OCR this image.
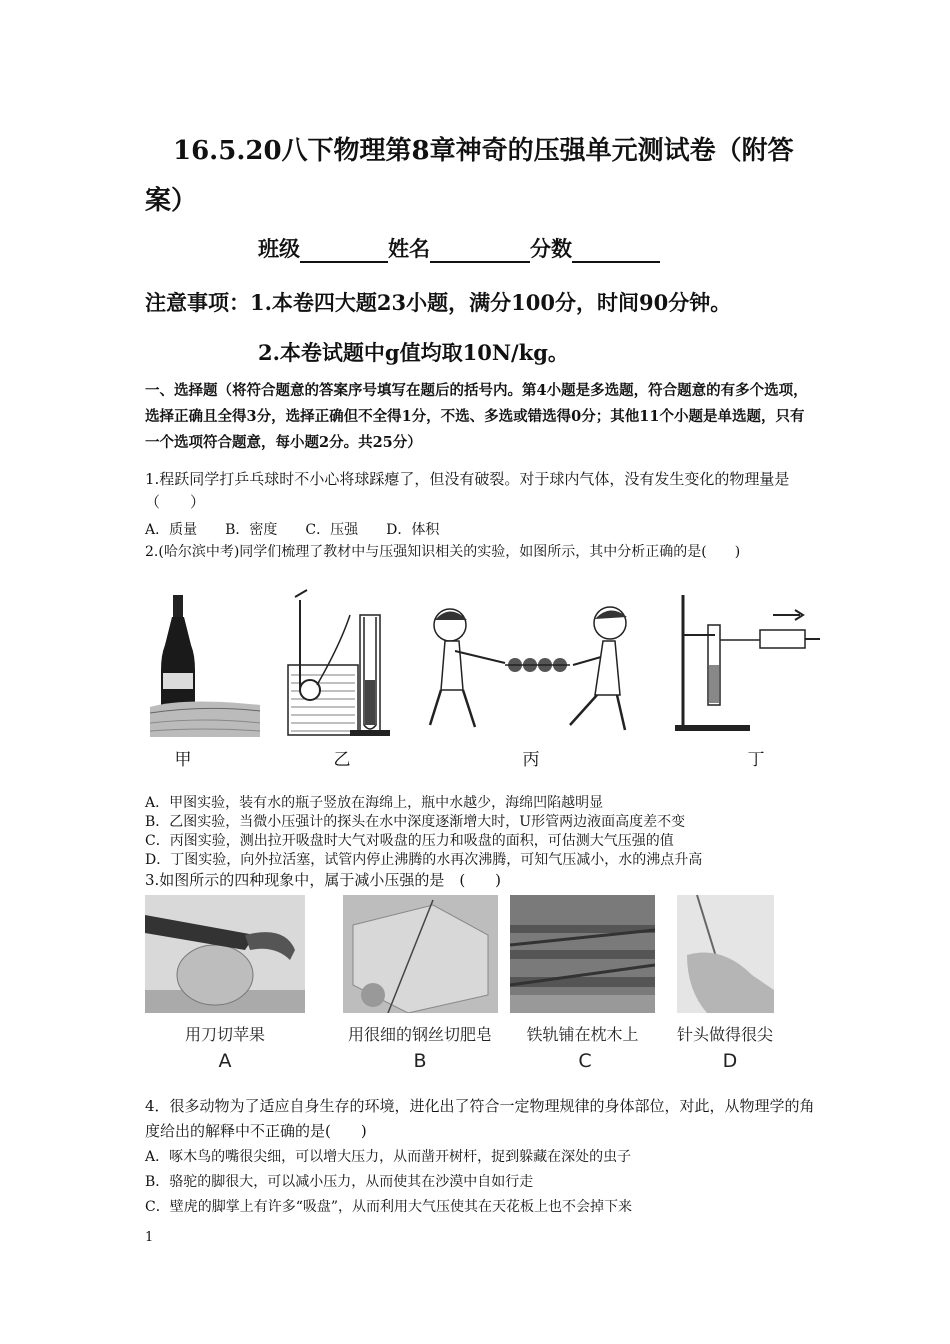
16.5.20八下物理第8章神奇的压强单元测试卷（附答案）
班级	姓名	分数
注意事项：1.本卷四大题23小题，满分100分，时间90分钟。
2.本卷试题中g值均取10N/kg。
一、选择题（将符合题意的答案序号填写在题后的括号内。第4小题是多选题，符合题意的有多个选项，选择正确且全得3分，选择正确但不全得1分，不选、多选或错选得0分；其他11个小题是单选题，只有一个选项符合题意，每小题2分。共25分）
1.程跃同学打乒乓球时不小心将球踩瘪了，但没有破裂。对于球内气体，没有发生变化的物理量是（　　）
A．质量　　B．密度　　C．压强　　D．体积
2.(哈尔滨中考)同学们梳理了教材中与压强知识相关的实验，如图所示，其中分析正确的是(　　)
甲	乙	丙	丁
A．甲图实验，装有水的瓶子竖放在海绵上，瓶中水越少，海绵凹陷越明显
B．乙图实验，当微小压强计的探头在水中深度逐渐增大时，U形管两边液面高度差不变
C．丙图实验，测出拉开吸盘时大气对吸盘的压力和吸盘的面积，可估测大气压强的值
D．丁图实验，向外拉活塞，试管内停止沸腾的水再次沸腾，可知气压减小，水的沸点升高
3.如图所示的四种现象中，属于减小压强的是　(　　)
用刀切苹果	用很细的钢丝切肥皂	铁轨铺在枕木上	针头做得很尖
A	B	C	D
4．很多动物为了适应自身生存的环境，进化出了符合一定物理规律的身体部位，对此，从物理学的角度给出的解释中不正确的是(　　)
A．啄木鸟的嘴很尖细，可以增大压力，从而凿开树杆，捉到躲藏在深处的虫子
B．骆驼的脚很大，可以减小压力，从而使其在沙漠中自如行走
C．壁虎的脚掌上有许多“吸盘”，从而利用大气压使其在天花板上也不会掉下来
1
